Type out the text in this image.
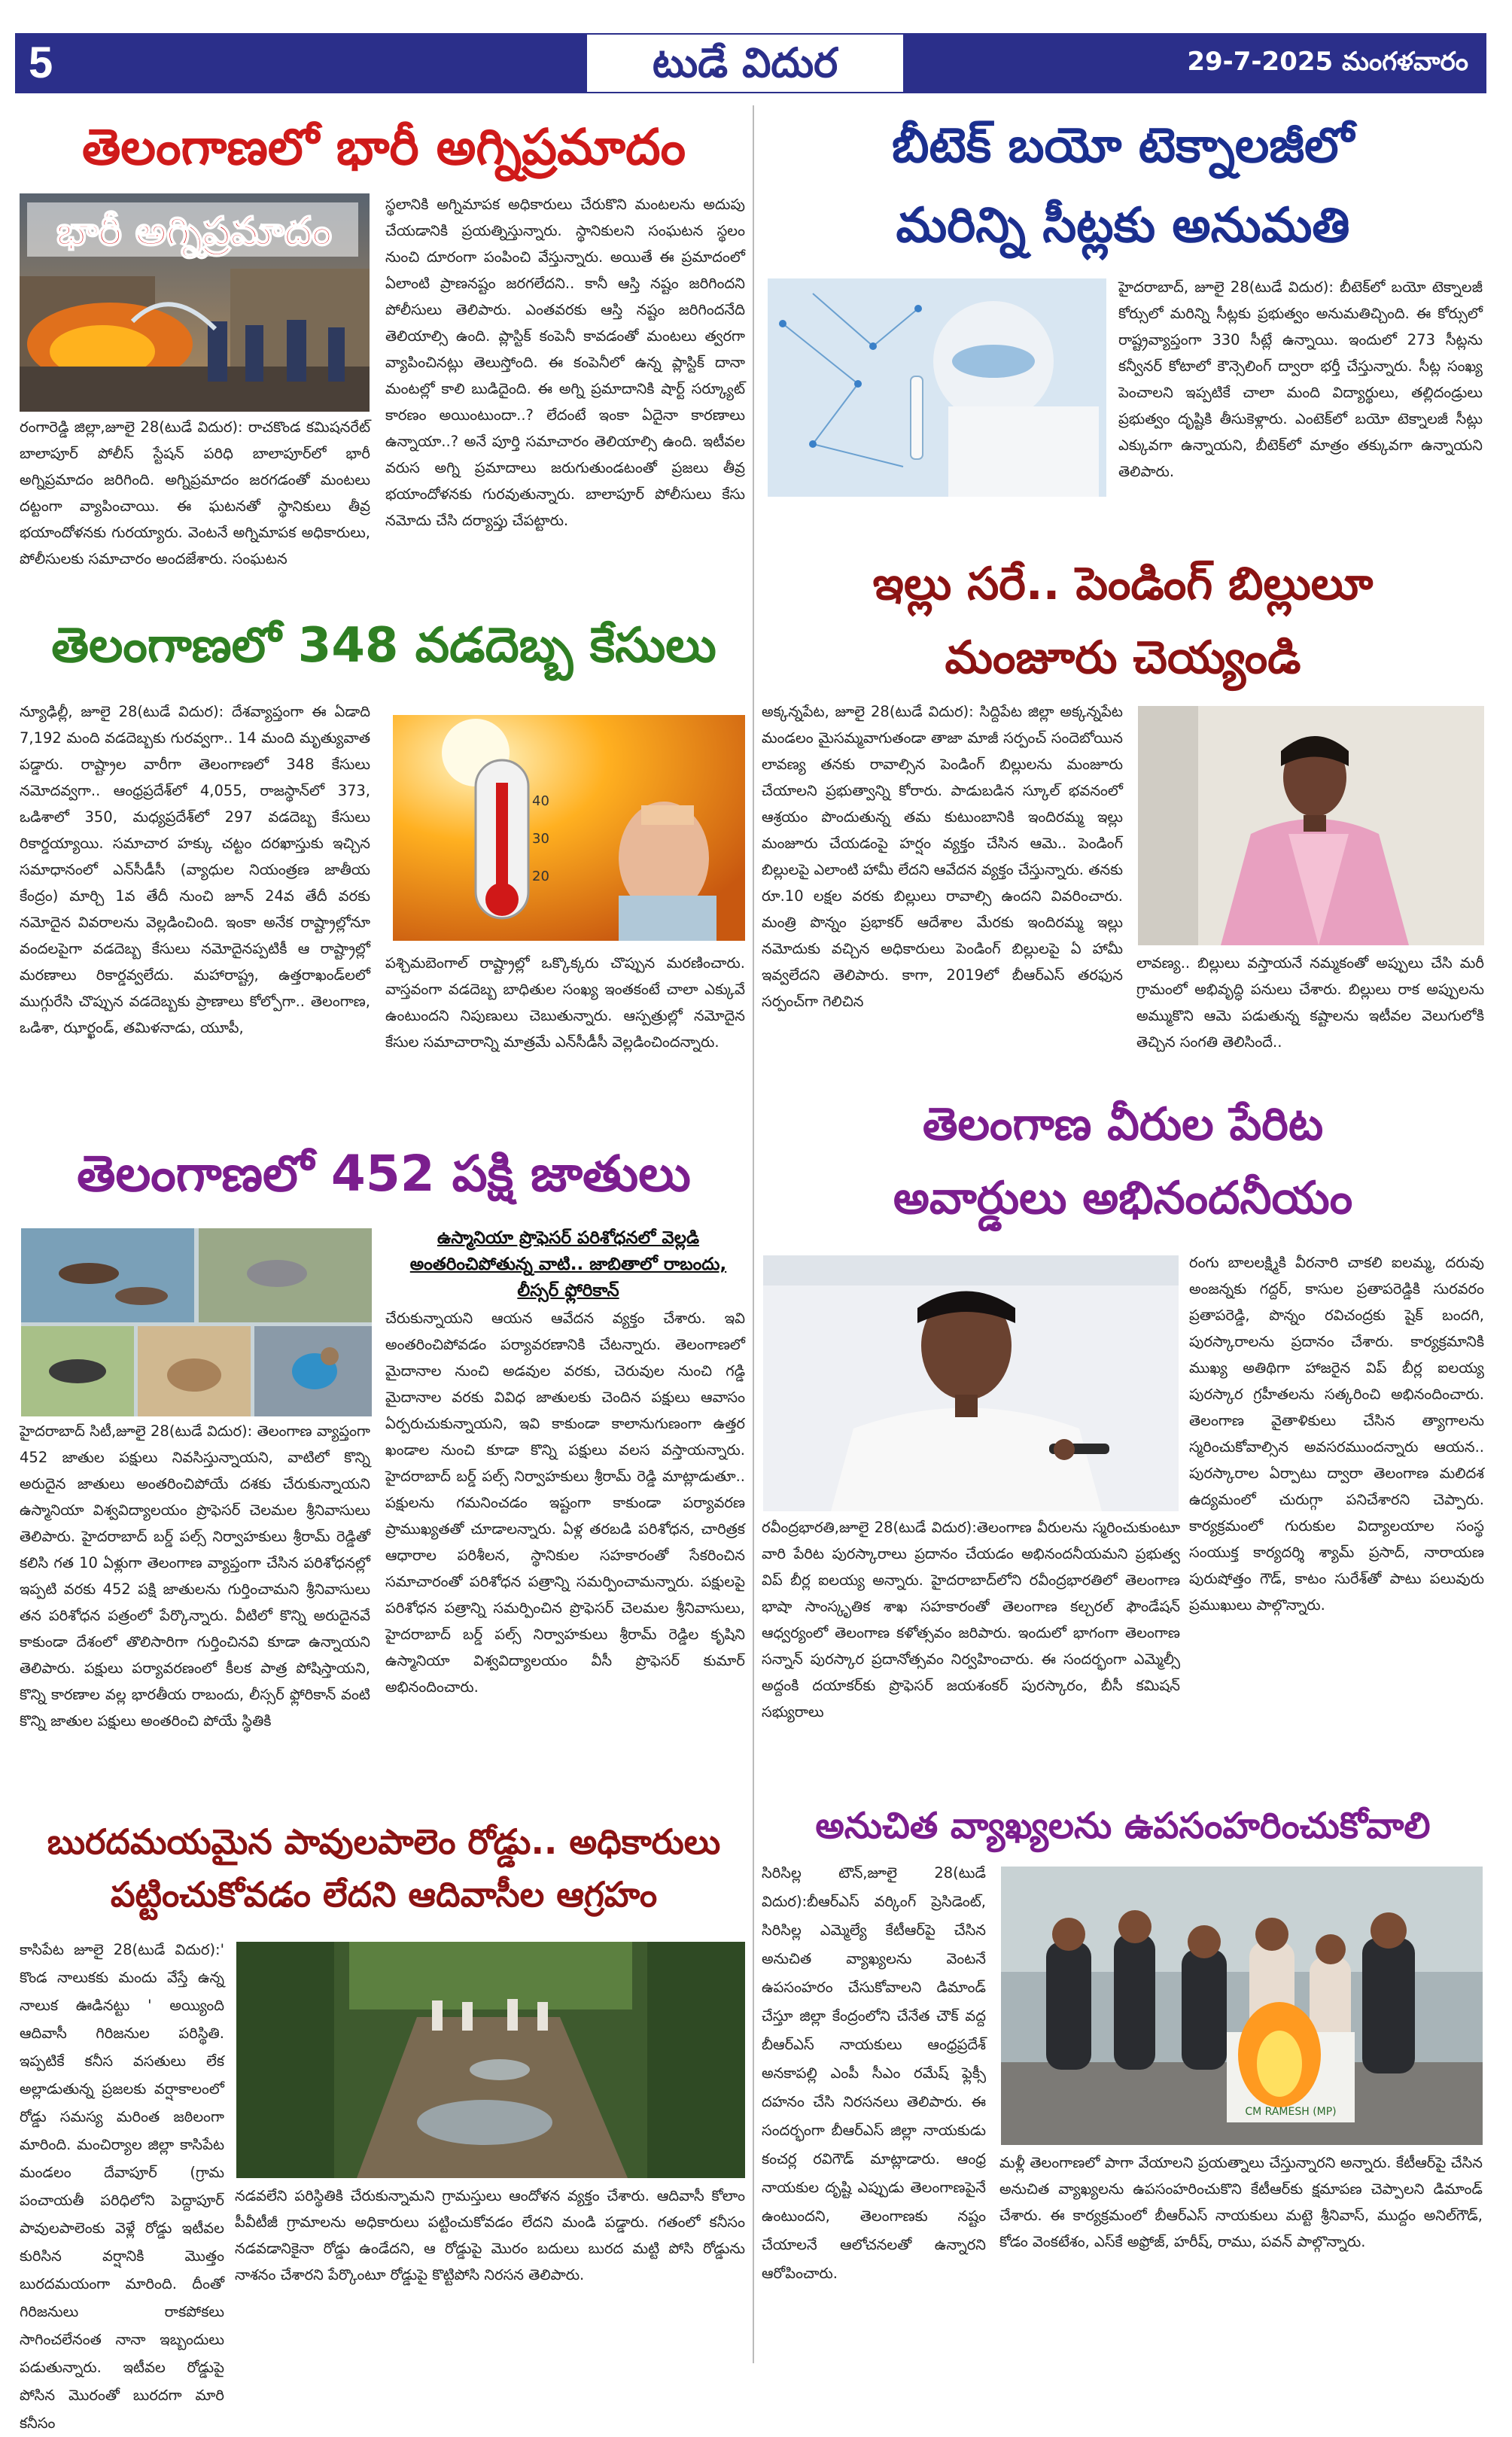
5	టుడే విదుర	29-7-2025 మంగళవారం
తెలంగాణలో భారీ అగ్నిప్రమాదం
భారీ అగ్నిప్రమాదం
స్థలానికి అగ్నిమాపక అధికారులు చేరుకొని మంటలను అదుపు చేయడానికి ప్రయత్నిస్తున్నారు. స్థానికులని సంఘటన స్థలం నుంచి దూరంగా పంపించి వేస్తున్నారు. అయితే ఈ ప్రమాదంలో ఏలాంటి ప్రాణనష్టం జరగలేదని.. కానీ ఆస్తి నష్టం జరిగిందని పోలీసులు తెలిపారు. ఎంతవరకు ఆస్తి నష్టం జరిగిందనేది తెలియాల్సి ఉంది. ప్లాస్టిక్ కంపెనీ కావడంతో మంటలు త్వరగా వ్యాపించినట్లు తెలుస్తోంది. ఈ కంపెనీలో ఉన్న ప్లాస్టిక్ దానా మంటల్లో కాలి బుడిదైంది. ఈ అగ్ని ప్రమాదానికి షార్ట్ సర్క్యూట్ కారణం అయింటుందా..? లేదంటే ఇంకా ఏదైనా కారణాలు ఉన్నాయా..? అనే పూర్తి సమాచారం తెలియాల్సి ఉంది. ఇటీవల వరుస అగ్ని ప్రమాదాలు జరుగుతుండటంతో ప్రజలు తీవ్ర భయాందోళనకు గురవుతున్నారు. బాలాపూర్ పోలీసులు కేసు నమోదు చేసి దర్యాప్తు చేపట్టారు.
రంగారెడ్డి జిల్లా,జూలై 28(టుడే విదుర): రాచకొండ కమిషనరేట్ బాలాపూర్ పోలీస్ స్టేషన్ పరిధి బాలాపూర్‌లో భారీ అగ్నిప్రమాదం జరిగింది. అగ్నిప్రమాదం జరగడంతో మంటలు దట్టంగా వ్యాపించాయి. ఈ ఘటనతో స్థానికులు తీవ్ర భయాందోళనకు గురయ్యారు. వెంటనే అగ్నిమాపక అధికారులు, పోలీసులకు సమాచారం అందజేశారు. సంఘటన
తెలంగాణలో 348 వడదెబ్బ కేసులు
న్యూఢిల్లీ, జూలై 28(టుడే విదుర): దేశవ్యాప్తంగా ఈ ఏడాది 7,192 మంది వడదెబ్బకు గురవ్వగా.. 14 మంది మృత్యువాత పడ్డారు. రాష్ట్రాల వారీగా తెలంగాణలో 348 కేసులు నమోదవ్వగా.. ఆంధ్రప్రదేశ్‌లో 4,055, రాజస్థాన్‌లో 373, ఒడిశాలో 350, మధ్యప్రదేశ్‌లో 297 వడదెబ్బ కేసులు రికార్డయ్యాయి. సమాచార హక్కు చట్టం దరఖాస్తుకు ఇచ్చిన సమాధానంలో ఎన్‌సీడీసీ (వ్యాధుల నియంత్రణ జాతీయ కేంద్రం) మార్చి 1వ తేదీ నుంచి జూన్ 24వ తేదీ వరకు నమోదైన వివరాలను వెల్లడించింది. ఇంకా అనేక రాష్ట్రాల్లోనూ వందలపైగా వడదెబ్బ కేసులు నమోదైనప్పటికీ ఆ రాష్ట్రాల్లో మరణాలు రికార్డవ్వలేదు. మహారాష్ట్ర, ఉత్తరాఖండ్‌లలో ముగ్గురేసి చొప్పున వడదెబ్బకు ప్రాణాలు కోల్పోగా.. తెలంగాణ, ఒడిశా, ఝార్ఖండ్, తమిళనాడు, యూపీ,
40
30
20
పశ్చిమబెంగాల్ రాష్ట్రాల్లో ఒక్కొక్కరు చొప్పున మరణించారు. వాస్తవంగా వడదెబ్బ బాధితుల సంఖ్య ఇంతకంటే చాలా ఎక్కువే ఉంటుందని నిపుణులు చెబుతున్నారు. ఆస్పత్రుల్లో నమోదైన కేసుల సమాచారాన్ని మాత్రమే ఎన్‌సీడీసీ వెల్లడించిందన్నారు.
తెలంగాణలో 452 పక్షి జాతులు
ఉస్మానియా ప్రొఫెసర్ పరిశోధనలో వెల్లడి అంతరించిపోతున్న వాటి.. జాబితాలో రాబందు, లీస్సర్ ఫ్లోరికాన్
చేరుకున్నాయని ఆయన ఆవేదన వ్యక్తం చేశారు. ఇవి అంతరించిపోవడం పర్యావరణానికి చేటన్నారు. తెలంగాణలో మైదానాల నుంచి అడవుల వరకు, చెరువుల నుంచి గడ్డి మైదానాల వరకు వివిధ జాతులకు చెందిన పక్షులు ఆవాసం ఏర్పరుచుకున్నాయని, ఇవి కాకుండా కాలానుగుణంగా ఉత్తర ఖండాల నుంచి కూడా కొన్ని పక్షులు వలస వస్తాయన్నారు. హైదరాబాద్ బర్డ్ పల్స్ నిర్వాహకులు శ్రీరామ్ రెడ్డి మాట్లాడుతూ.. పక్షులను గమనించడం ఇష్టంగా కాకుండా పర్యావరణ ప్రాముఖ్యతతో చూడాలన్నారు. ఏళ్ల తరబడి పరిశోధన, చారిత్రక ఆధారాల పరిశీలన, స్థానికుల సహకారంతో సేకరించిన సమాచారంతో పరిశోధన పత్రాన్ని సమర్పించామన్నారు. పక్షులపై పరిశోధన పత్రాన్ని సమర్పించిన ప్రొఫెసర్ చెలమల శ్రీనివాసులు, హైదరాబాద్ బర్డ్ పల్స్ నిర్వాహకులు శ్రీరామ్ రెడ్డిల కృషిని ఉస్మానియా విశ్వవిద్యాలయం వీసీ ప్రొఫెసర్ కుమార్ అభినందించారు.
హైదరాబాద్ సిటీ,జూలై 28(టుడే విదుర): తెలంగాణ వ్యాప్తంగా 452 జాతుల పక్షులు నివసిస్తున్నాయని, వాటిలో కొన్ని అరుదైన జాతులు అంతరించిపోయే దశకు చేరుకున్నాయని ఉస్మానియా విశ్వవిద్యాలయం ప్రొఫెసర్ చెలమల శ్రీనివాసులు తెలిపారు. హైదరాబాద్ బర్డ్ పల్స్ నిర్వాహకులు శ్రీరామ్ రెడ్డితో కలిసి గత 10 ఏళ్లుగా తెలంగాణ వ్యాప్తంగా చేసిన పరిశోధనల్లో ఇప్పటి వరకు 452 పక్షి జాతులను గుర్తించామని శ్రీనివాసులు తన పరిశోధన పత్రంలో పేర్కొన్నారు. వీటిలో కొన్ని అరుదైనవే కాకుండా దేశంలో తొలిసారిగా గుర్తించినవి కూడా ఉన్నాయని తెలిపారు. పక్షులు పర్యావరణంలో కీలక పాత్ర పోషిస్తాయని, కొన్ని కారణాల వల్ల భారతీయ రాబందు, లీస్సర్ ఫ్లోరికాన్ వంటి కొన్ని జాతుల పక్షులు అంతరించి పోయే స్థితికి
బురదమయమైన పావులపాలెం రోడ్డు.. అధికారులు
పట్టించుకోవడం లేదని ఆదివాసీల ఆగ్రహం
కాసిపేట జూలై 28(టుడే విదుర):' కొండ నాలుకకు మందు వేస్తే ఉన్న నాలుక ఊడినట్టు ' అయ్యింది ఆదివాసీ గిరిజనుల పరిస్థితి. ఇప్పటికే కనీస వసతులు లేక అల్లాడుతున్న ప్రజలకు వర్షాకాలంలో రోడ్డు సమస్య మరింత జఠిలంగా మారింది. మంచిర్యాల జిల్లా కాసిపేట మండలం దేవాపూర్ (గ్రామ పంచాయతీ పరిధిలోని పెద్దాపూర్ పావులపాలెంకు వెళ్లే రోడ్డు ఇటీవల కురిసిన వర్షానికి మొత్తం బురదమయంగా మారింది. దీంతో గిరిజనులు రాకపోకలు సాగించలేనంత నానా ఇబ్బందులు పడుతున్నారు. ఇటీవల రోడ్డుపై పోసిన మొరంతో బురదగా మారి కనీసం
నడవలేని పరిస్థితికి చేరుకున్నామని గ్రామస్తులు ఆందోళన వ్యక్తం చేశారు. ఆదివాసీ కోలాం పీవీటీజీ గ్రామాలను అధికారులు పట్టించుకోవడం లేదని మండి పడ్డారు. గతంలో కనీసం నడవడానికైనా రోడ్డు ఉండేదని, ఆ రోడ్డుపై మొరం బదులు బురద మట్టి పోసి రోడ్డును నాశనం చేశారని పేర్కొంటూ రోడ్డుపై కొట్టిపోసి నిరసన తెలిపారు.
బీటెక్ బయో టెక్నాలజీలో
మరిన్ని సీట్లకు అనుమతి
హైదరాబాద్, జూలై 28(టుడే విదుర): బీటెక్‌లో బయో టెక్నాలజీ కోర్సులో మరిన్ని సీట్లకు ప్రభుత్వం అనుమతిచ్చింది. ఈ కోర్సులో రాష్ట్రవ్యాప్తంగా 330 సీట్లే ఉన్నాయి. ఇందులో 273 సీట్లను కన్వీనర్ కోటాలో కౌన్సెలింగ్ ద్వారా భర్తీ చేస్తున్నారు. సీట్ల సంఖ్య పెంచాలని ఇప్పటికే చాలా మంది విద్యార్థులు, తల్లిదండ్రులు ప్రభుత్వం దృష్టికి తీసుకెళ్లారు. ఎంటెక్‌లో బయో టెక్నాలజీ సీట్లు ఎక్కువగా ఉన్నాయని, బీటెక్‌లో మాత్రం తక్కువగా ఉన్నాయని తెలిపారు.
ఇల్లు సరే.. పెండింగ్ బిల్లులూ
మంజూరు చెయ్యండి
అక్కన్నపేట, జూలై 28(టుడే విదుర): సిద్దిపేట జిల్లా అక్కన్నపేట మండలం మైసమ్మవాగుతండా తాజా మాజీ సర్పంచ్ సందెబోయిన లావణ్య తనకు రావాల్సిన పెండింగ్ బిల్లులను మంజూరు చేయాలని ప్రభుత్వాన్ని కోరారు. పాడుబడిన స్కూల్ భవనంలో ఆశ్రయం పొందుతున్న తమ కుటుంబానికి ఇందిరమ్మ ఇల్లు మంజూరు చేయడంపై హర్షం వ్యక్తం చేసిన ఆమె.. పెండింగ్ బిల్లులపై ఎలాంటి హామీ లేదని ఆవేదన వ్యక్తం చేస్తున్నారు. తనకు రూ.10 లక్షల వరకు బిల్లులు రావాల్సి ఉందని వివరించారు. మంత్రి పొన్నం ప్రభాకర్ ఆదేశాల మేరకు ఇందిరమ్మ ఇల్లు నమోదుకు వచ్చిన అధికారులు పెండింగ్ బిల్లులపై ఏ హామీ ఇవ్వలేదని తెలిపారు. కాగా, 2019లో బీఆర్ఎస్ తరఫున సర్పంచ్‌గా గెలిచిన
లావణ్య.. బిల్లులు వస్తాయనే నమ్మకంతో అప్పులు చేసి మరీ గ్రామంలో అభివృద్ధి పనులు చేశారు. బిల్లులు రాక అప్పులను అమ్ముకొని ఆమె పడుతున్న కష్టాలను ఇటీవల వెలుగులోకి తెచ్చిన సంగతి తెలిసిందే..
తెలంగాణ వీరుల పేరిట
అవార్డులు అభినందనీయం
రంగు బాలలక్ష్మికి వీరనారి చాకలి ఐలమ్మ, దరువు అంజన్నకు గద్దర్, కాసుల ప్రతాపరెడ్డికి సురవరం ప్రతాపరెడ్డి, పొన్నం రవిచంద్రకు షైక్ బందగి, పురస్కారాలను ప్రదానం చేశారు. కార్యక్రమానికి ముఖ్య అతిథిగా హాజరైన విప్ బీర్ల ఐలయ్య పురస్కార గ్రహీతలను సత్కరించి అభినందించారు. తెలంగాణ వైతాళికులు చేసిన త్యాగాలను స్మరించుకోవాల్సిన అవసరముందన్నారు ఆయన.. పురస్కారాల ఏర్పాటు ద్వారా తెలంగాణ మలిదశ ఉద్యమంలో చురుగ్గా పనిచేశారని చెప్పారు. కార్యక్రమంలో గురుకుల విద్యాలయాల సంస్థ సంయుక్త కార్యదర్శి శ్యామ్ ప్రసాద్, నారాయణ పురుషోత్తం గౌడ్, కాటం సురేశ్‌తో పాటు పలువురు ప్రముఖులు పాల్గొన్నారు.
రవీంద్రభారతి,జూలై 28(టుడే విదుర):తెలంగాణ వీరులను స్మరించుకుంటూ వారి పేరిట పురస్కారాలు ప్రదానం చేయడం అభినందనీయమని ప్రభుత్వ విప్ బీర్ల ఐలయ్య అన్నారు. హైదరాబాద్‌లోని రవీంద్రభారతిలో తెలంగాణ భాషా సాంస్కృతిక శాఖ సహకారంతో తెలంగాణ కల్చరల్ ఫౌండేషన్ ఆధ్వర్యంలో తెలంగాణ కళోత్సవం జరిపారు. ఇందులో భాగంగా తెలంగాణ సన్నాన్ పురస్కార ప్రదానోత్సవం నిర్వహించారు. ఈ సందర్భంగా ఎమ్మెల్సీ అద్దంకి దయాకర్‌కు ప్రొఫెసర్ జయశంకర్ పురస్కారం, బీసీ కమిషన్ సభ్యురాలు
అనుచిత వ్యాఖ్యలను ఉపసంహరించుకోవాలి
సిరిసిల్ల టౌన్,జూలై 28(టుడే విదుర):బీఆర్ఎస్ వర్కింగ్ ప్రెసిడెంట్, సిరిసిల్ల ఎమ్మెల్యే కేటీఆర్‌పై చేసిన అనుచిత వ్యాఖ్యలను వెంటనే ఉపసంహరం చేసుకోవాలని డిమాండ్ చేస్తూ జిల్లా కేంద్రంలోని చేనేత చౌక్ వద్ద బీఆర్ఎస్ నాయకులు ఆంధ్రప్రదేశ్ అనకాపల్లి ఎంపీ సీఎం రమేష్ ఫ్లెక్సీ దహనం చేసి నిరసనలు తెలిపారు. ఈ సందర్భంగా బీఆర్ఎస్ జిల్లా నాయకుడు కంచర్ల రవిగౌడ్ మాట్లాడారు. ఆంధ్ర నాయకుల దృష్టి ఎప్పుడు తెలంగాణపైనే ఉంటుందని, తెలంగాణకు నష్టం చేయాలనే ఆలోచనలతో ఉన్నారని ఆరోపించారు.
CM RAMESH (MP)
మళ్లీ తెలంగాణలో పాగా వేయాలని ప్రయత్నాలు చేస్తున్నారని అన్నారు. కేటీఆర్‌పై చేసిన అనుచిత వ్యాఖ్యలను ఉపసంహరించుకొని కేటీఆర్‌కు క్షమాపణ చెప్పాలని డిమాండ్ చేశారు. ఈ కార్యక్రమంలో బీఆర్ఎస్ నాయకులు మట్టె శ్రీనివాస్, ముద్దం అనిల్‌గౌడ్, కోడం వెంకటేశం, ఎస్‌కే అఫ్రోజ్, హరీష్, రాము, పవన్ పాల్గొన్నారు.
